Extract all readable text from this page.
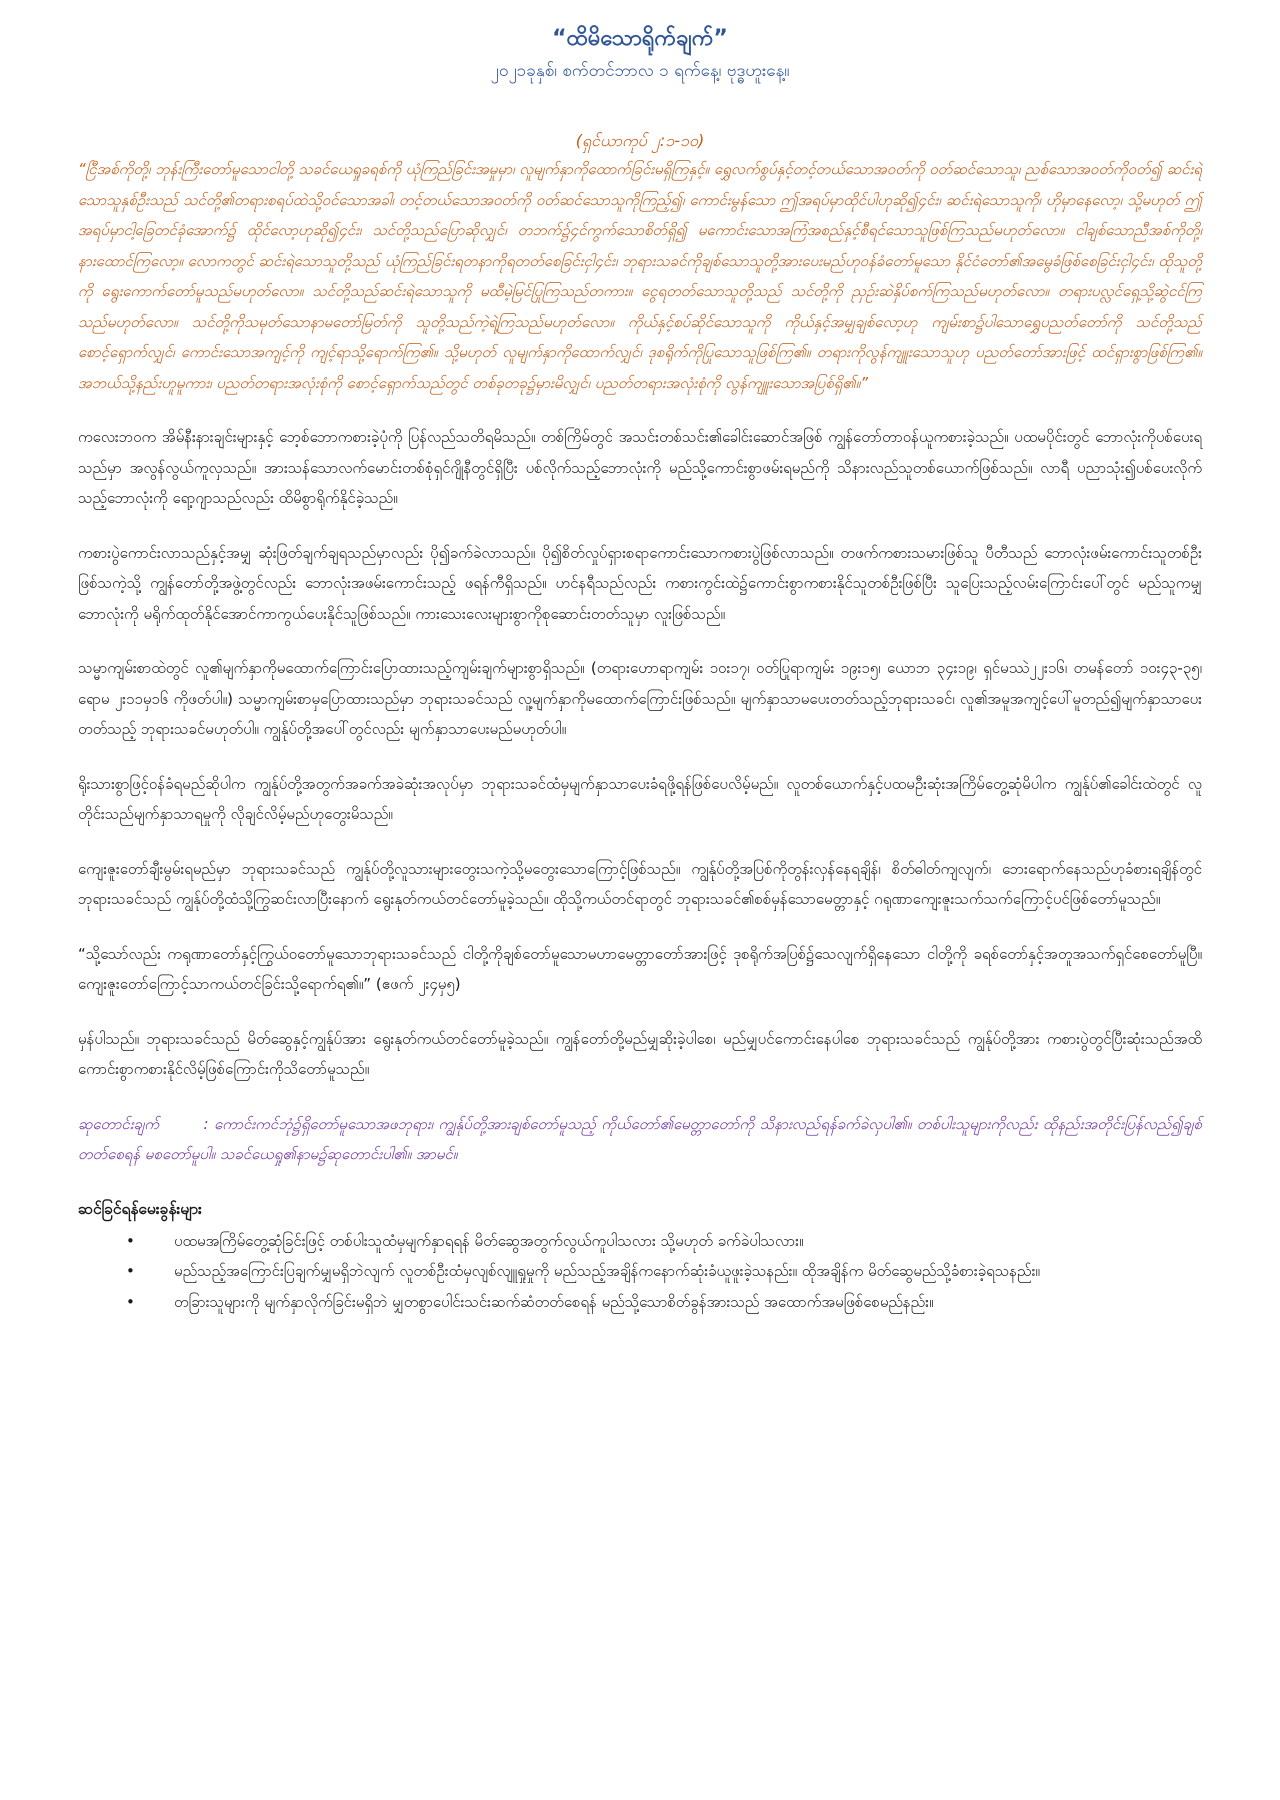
“ထိမိသောရိုက်ချက်”
၂၀၂၁ခုနှစ်၊ စက်တင်ဘာလ ၁ ရက်နေ့၊ ဗုဒ္ဓဟူးနေ့။
(ရှင်ယာကုပ် ၂:၁-၁၀)

“ငြီအစ်ကိုတို့၊ ဘုန်းကြီးတော်မူသောငါတို့ သခင်ယေရှုခရစ်ကို ယုံကြည်ခြင်းအမှုမှာ၊ လူမျက်နှာကိုထောက်ခြင်းမရှိကြနှင့်။ ရွှေလက်စွပ်နှင့်တင့်တယ်သောအဝတ်ကို ဝတ်ဆင်သောသူ၊ ညစ်သောအဝတ်ကိုဝတ်၍ ဆင်းရဲသောသူနှစ်ဦးသည် သင်တို့၏တရားစရပ်ထဲသို့ဝင်သောအခါ၊ တင့်တယ်သောအဝတ်ကို ဝတ်ဆင်သောသူကိုကြည့်၍၊ ကောင်းမွန်သော ဤအရပ်မှာထိုင်ပါဟုဆို၍၄င်း၊ ဆင်းရဲသောသူကို၊ ဟိုမှာနေလော့၊ သို့မဟုတ် ဤအရပ်မှာငါ့ခြေတင်ခုံအောက်၌ ထိုင်လော့ဟုဆို၍၄င်း၊ သင်တို့သည်ပြောဆိုလျှင်၊ တဘက်၌၄င်ကွက်သောစိတ်ရှိ၍ မကောင်းသောအကြံအစည်နှင့်စီရင်သောသူဖြစ်ကြသည်မဟုတ်လော။ ငါချစ်သောညီအစ်ကိုတို့၊ နားထောင်ကြလော့။ လောကတွင် ဆင်းရဲသောသူတို့သည် ယုံကြည်ခြင်းရတနာကိုရတတ်စေခြင်းငှါ၄င်း၊ ဘုရားသခင်ကိုချစ်သောသူတို့အားပေးမည်ဟုဝန်ခံတော်မူသော နိုင်ငံတော်၏အမွေခံဖြစ်စေခြင်းငှါ၄င်း၊ ထိုသူတို့ကို ရွေးကောက်တော်မူသည်မဟုတ်လော။ သင်တို့သည်ဆင်းရဲသောသူကို မထီမဲ့မြင်ပြုကြသည်တကား။ ငွေရတတ်သောသူတို့သည် သင်တို့ကို ညှဉ်းဆဲနှိပ်စက်ကြသည်မဟုတ်လော။ တရားပလ္လင်ရှေ့သို့ဆွဲငင်ကြသည်မဟုတ်လော။ သင်တို့ကိုသမုတ်သောနာမတော်မြတ်ကို သူတို့သည်ကဲ့ရဲ့ကြသည်မဟုတ်လော။ ကိုယ်နှင့်စပ်ဆိုင်သောသူကို ကိုယ်နှင့်အမျှချစ်လော့ဟု ကျမ်းစာ၌ပါသောရွှေပညတ်တော်ကို သင်တို့သည်စောင့်ရှောက်လျှင်၊ ကောင်းသောအကျင့်ကို ကျင့်ရာသို့ရောက်ကြ၏။ သို့မဟုတ် လူမျက်နှာကိုထောက်လျှင်၊ ဒုစရိုက်ကိုပြုသောသူဖြစ်ကြ၏။ တရားကိုလွန်ကျူးသောသူဟု ပညတ်တော်အားဖြင့် ထင်ရှားစွာဖြစ်ကြ၏။ အဘယ်သို့နည်းဟူမူကား၊ ပညတ်တရားအလုံးစုံကို စောင့်ရှောက်သည်တွင် တစ်ခုတခု၌မှားမိလျှင်၊ ပညတ်တရားအလုံးစုံကို လွန်ကျူးသောအပြစ်ရှိ၏။”

ကလေးဘဝက အိမ်နီးနားချင်းများနှင့် ဘေ့စ်ဘောကစားခဲ့ပုံကို ပြန်လည်သတိရမိသည်။ တစ်ကြိမ်တွင် အသင်းတစ်သင်း၏ခေါင်းဆောင်အဖြစ် ကျွန်တော်တာဝန်ယူကစားခဲ့သည်။ ပထမပိုင်းတွင် ဘောလုံးကိုပစ်ပေးရသည်မှာ အလွန်လွယ်ကူလှသည်။ အားသန်သောလက်မောင်းတစ်စုံရှင်ဂျိုနီတွင်ရှိပြီး ပစ်လိုက်သည့်ဘောလုံးကို မည်သို့ကောင်းစွာဖမ်းရမည်ကို သိနားလည်သူတစ်ယောက်ဖြစ်သည်။ လာရီ ပညာသုံး၍ပစ်ပေးလိုက်သည့်ဘောလုံးကို ရော့ဂျာသည်လည်း ထိမိစွာရိုက်နိုင်ခဲ့သည်။

ကစားပွဲကောင်းလာသည်နှင့်အမျှ ဆုံးဖြတ်ချက်ချရသည်မှာလည်း ပို၍ခက်ခဲလာသည်။ ပို၍စိတ်လှုပ်ရှားစရာကောင်းသောကစားပွဲဖြစ်လာသည်။ တဖက်ကစားသမားဖြစ်သူ ပီတီသည် ဘောလုံးဖမ်းကောင်းသူတစ်ဦးဖြစ်သကဲ့သို့ ကျွန်တော်တို့အဖွဲ့တွင်လည်း ဘောလုံးအဖမ်းကောင်းသည့် ဖရန်ကီရှိသည်။ ဟင်နရီသည်လည်း ကစားကွင်းထဲ၌ကောင်းစွာကစားနိုင်သူတစ်ဦးဖြစ်ပြီး သူပြေးသည့်လမ်းကြောင်းပေါ်တွင် မည်သူကမျှဘောလုံးကို မရိုက်ထုတ်နိုင်အောင်ကာကွယ်ပေးနိုင်သူဖြစ်သည်။ ကားသေးလေးများစွာကိုစုဆောင်းတတ်သူမှာ လူးဖြစ်သည်။

သမ္မာကျမ်းစာထဲတွင် လူ၏မျက်နှာကိုမထောက်ကြောင်းပြောထားသည့်ကျမ်းချက်များစွာရှိသည်။ (တရားဟောရာကျမ်း ၁၀း၁၇၊ ဝတ်ပြုရာကျမ်း ၁၉း၁၅၊ ယောဘ ၃၄း၁၉၊ ရှင်မဿဲ၂၂း၁၆၊ တမန်တော် ၁၀း၄၃-၃၅၊ ရောမ ၂း၁၁မှ၁၆ ကိုဖတ်ပါ။) သမ္မာကျမ်းစာမှပြောထားသည်မှာ ဘုရားသခင်သည် လူ့မျက်နှာကိုမထောက်ကြောင်းဖြစ်သည်။ မျက်နှာသာမပေးတတ်သည့်ဘုရားသခင်၊ လူ၏အမူအကျင့်ပေါ်မူတည်၍မျက်နှာသာပေးတတ်သည့် ဘုရားသခင်မဟုတ်ပါ။ ကျွန်ုပ်တို့အပေါ်တွင်လည်း မျက်နှာသာပေးမည်မဟုတ်ပါ။

ရိုးသားစွာဖြင့်ဝန်ခံရမည်ဆိုပါက ကျွန်ုပ်တို့အတွက်အခက်အခဲဆုံးအလုပ်မှာ ဘုရားသခင်ထံမှမျက်နှာသာပေးခံရဖို့ရန်ဖြစ်ပေလိမ့်မည်။ လူတစ်ယောက်နှင့်ပထမဦးဆုံးအကြိမ်တွေ့ဆုံမိပါက ကျွန်ုပ်၏ခေါင်းထဲတွင် လူတိုင်းသည်မျက်နှာသာရမှုကို လိုချင်လိမ့်မည်ဟုတွေးမိသည်။

ကျေးဇူးတော်ချီးမွမ်းရမည်မှာ ဘုရားသခင်သည် ကျွန်ုပ်တို့လူသားများတွေးသကဲ့သို့မတွေးသောကြောင့်ဖြစ်သည်။ ကျွန်ုပ်တို့အပြစ်ကိုတွန်းလှန်နေရချိန်၊ စိတ်ဓါတ်ကျလျက်၊ ဘေးရောက်နေသည်ဟုခံစားရချိန်တွင် ဘုရားသခင်သည် ကျွန်ုပ်တို့ထံသို့ကြွဆင်းလာပြီးနောက် ရွေးနုတ်ကယ်တင်တော်မူခဲ့သည်။ ထိုသို့ကယ်တင်ရာတွင် ဘုရားသခင်၏စစ်မှန်သောမေတ္တာနှင့် ဂရုဏာကျေးဇူးသက်သက်ကြောင့်ပင်ဖြစ်တော်မူသည်။

“သို့သော်လည်း ကရုဏာတော်နှင့်ကြွယ်ဝတော်မူသောဘုရားသခင်သည် ငါတို့ကိုချစ်တော်မူသောမဟာမေတ္တာတော်အားဖြင့် ဒုစရိုက်အပြစ်၌သေလျက်ရှိနေသော ငါတို့ကို ခရစ်တော်နှင့်အတူအသက်ရှင်စေတော်မူပြီ။ ကျေးဇူးတော်ကြောင့်သာကယ်တင်ခြင်းသို့ရောက်ရ၏။” (ဧဖက် ၂း၄မှ၅)

မှန်ပါသည်။ ဘုရားသခင်သည် မိတ်ဆွေနှင့်ကျွန်ုပ်အား ရွေးနုတ်ကယ်တင်တော်မူခဲ့သည်။ ကျွန်တော်တို့မည်မျှဆိုးခဲ့ပါစေ၊ မည်မျှပင်ကောင်းနေပါစေ ဘုရားသခင်သည် ကျွန်ုပ်တို့အား ကစားပွဲတွင်ပြီးဆုံးသည်အထိ ကောင်းစွာကစားနိုင်လိမ့်ဖြစ်ကြောင်းကိုသိတော်မူသည်။

ဆုတောင်းချက်	: ကောင်းကင်ဘုံ၌ရှိတော်မူသောအဖဘုရား၊ ကျွန်ုပ်တို့အားချစ်တော်မူသည့် ကိုယ်တော်၏မေတ္တာတော်ကို သိနားလည်ရန်ခက်ခဲလှပါ၏။ တစ်ပါးသူများကိုလည်း ထိုနည်းအတိုင်းပြန်လည်၍ချစ်တတ်စေရန် မစတော်မူပါ။ သခင်ယေရှု၏နာမ၌ဆုတောင်းပါ၏။ အာမင်။

ဆင်ခြင်ရန်မေးခွန်းများ
•	ပထမအကြိမ်တွေ့ဆုံခြင်းဖြင့် တစ်ပါးသူထံမှမျက်နှာရရန် မိတ်ဆွေအတွက်လွယ်ကူပါသလား သို့မဟုတ် ခက်ခဲပါသလား။
•	မည်သည့်အကြောင်းပြချက်မျှမရှိဘဲလျက် လူတစ်ဦးထံမှလျစ်လျူရှုမှုကို မည်သည့်အချိန်ကနောက်ဆုံးခံယူဖူးခဲ့သနည်း။ ထိုအချိန်က မိတ်ဆွေမည်သို့ခံစားခဲ့ရသနည်း။
•	တခြားသူများကို မျက်နှာလိုက်ခြင်းမရှိဘဲ မျှတစွာပေါင်းသင်းဆက်ဆံတတ်စေရန် မည်သို့သောစိတ်ခွန်အားသည် အထောက်အမဖြစ်စေမည်နည်း။
